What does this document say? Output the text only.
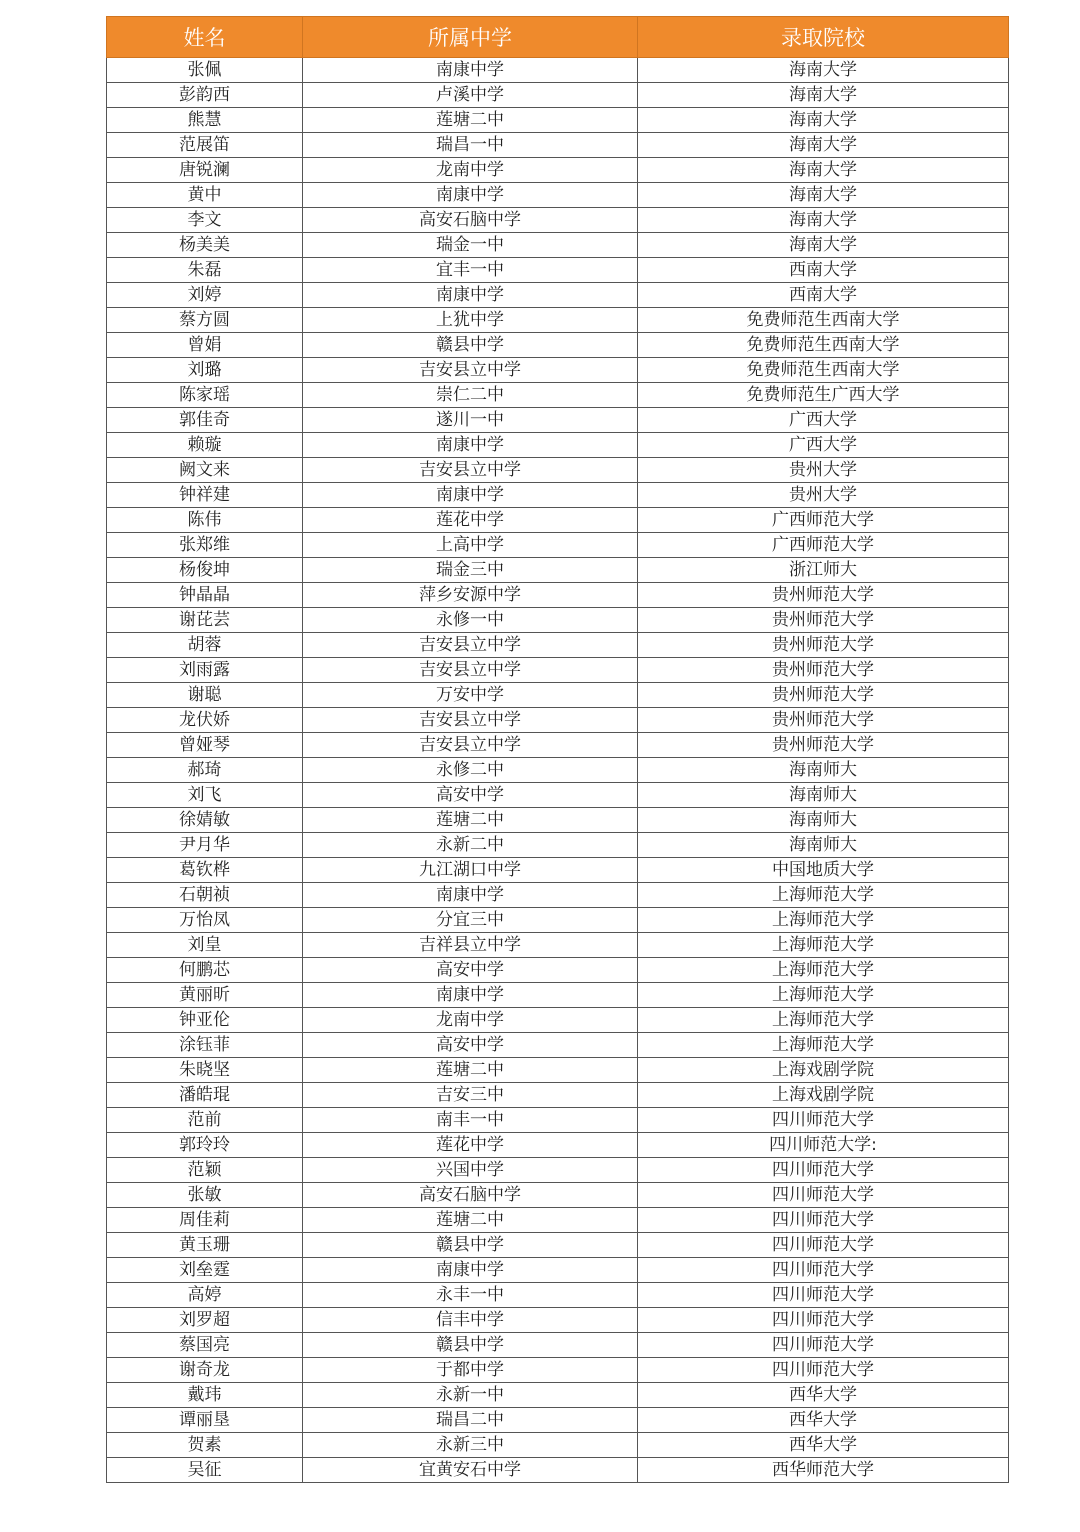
姓名	所属中学	录取院校
张佩	南康中学	海南大学
彭韵西	卢溪中学	海南大学
熊慧	莲塘二中	海南大学
范展笛	瑞昌一中	海南大学
唐锐澜	龙南中学	海南大学
黄中	南康中学	海南大学
李文	高安石脑中学	海南大学
杨美美	瑞金一中	海南大学
朱磊	宜丰一中	西南大学
刘婷	南康中学	西南大学
蔡方圆	上犹中学	免费师范生西南大学
曾娟	赣县中学	免费师范生西南大学
刘璐	吉安县立中学	免费师范生西南大学
陈家瑶	崇仁二中	免费师范生广西大学
郭佳奇	遂川一中	广西大学
赖璇	南康中学	广西大学
阙文来	吉安县立中学	贵州大学
钟祥建	南康中学	贵州大学
陈伟	莲花中学	广西师范大学
张郑维	上高中学	广西师范大学
杨俊坤	瑞金三中	浙江师大
钟晶晶	萍乡安源中学	贵州师范大学
谢芘芸	永修一中	贵州师范大学
胡蓉	吉安县立中学	贵州师范大学
刘雨露	吉安县立中学	贵州师范大学
谢聪	万安中学	贵州师范大学
龙伏娇	吉安县立中学	贵州师范大学
曾娅琴	吉安县立中学	贵州师范大学
郝琦	永修二中	海南师大
刘飞	高安中学	海南师大
徐婧敏	莲塘二中	海南师大
尹月华	永新二中	海南师大
葛钦桦	九江湖口中学	中国地质大学
石朝祯	南康中学	上海师范大学
万怡凤	分宜三中	上海师范大学
刘皇	吉祥县立中学	上海师范大学
何鹏芯	高安中学	上海师范大学
黄丽昕	南康中学	上海师范大学
钟亚伦	龙南中学	上海师范大学
涂钰菲	高安中学	上海师范大学
朱晓坚	莲塘二中	上海戏剧学院
潘皓琨	吉安三中	上海戏剧学院
范前	南丰一中	四川师范大学
郭玲玲	莲花中学	四川师范大学:
范颖	兴国中学	四川师范大学
张敏	高安石脑中学	四川师范大学
周佳莉	莲塘二中	四川师范大学
黄玉珊	赣县中学	四川师范大学
刘垒霆	南康中学	四川师范大学
高婷	永丰一中	四川师范大学
刘罗超	信丰中学	四川师范大学
蔡国亮	赣县中学	四川师范大学
谢奇龙	于都中学	四川师范大学
戴玮	永新一中	西华大学
谭丽垦	瑞昌二中	西华大学
贺素	永新三中	西华大学
吴征	宜黄安石中学	西华师范大学
